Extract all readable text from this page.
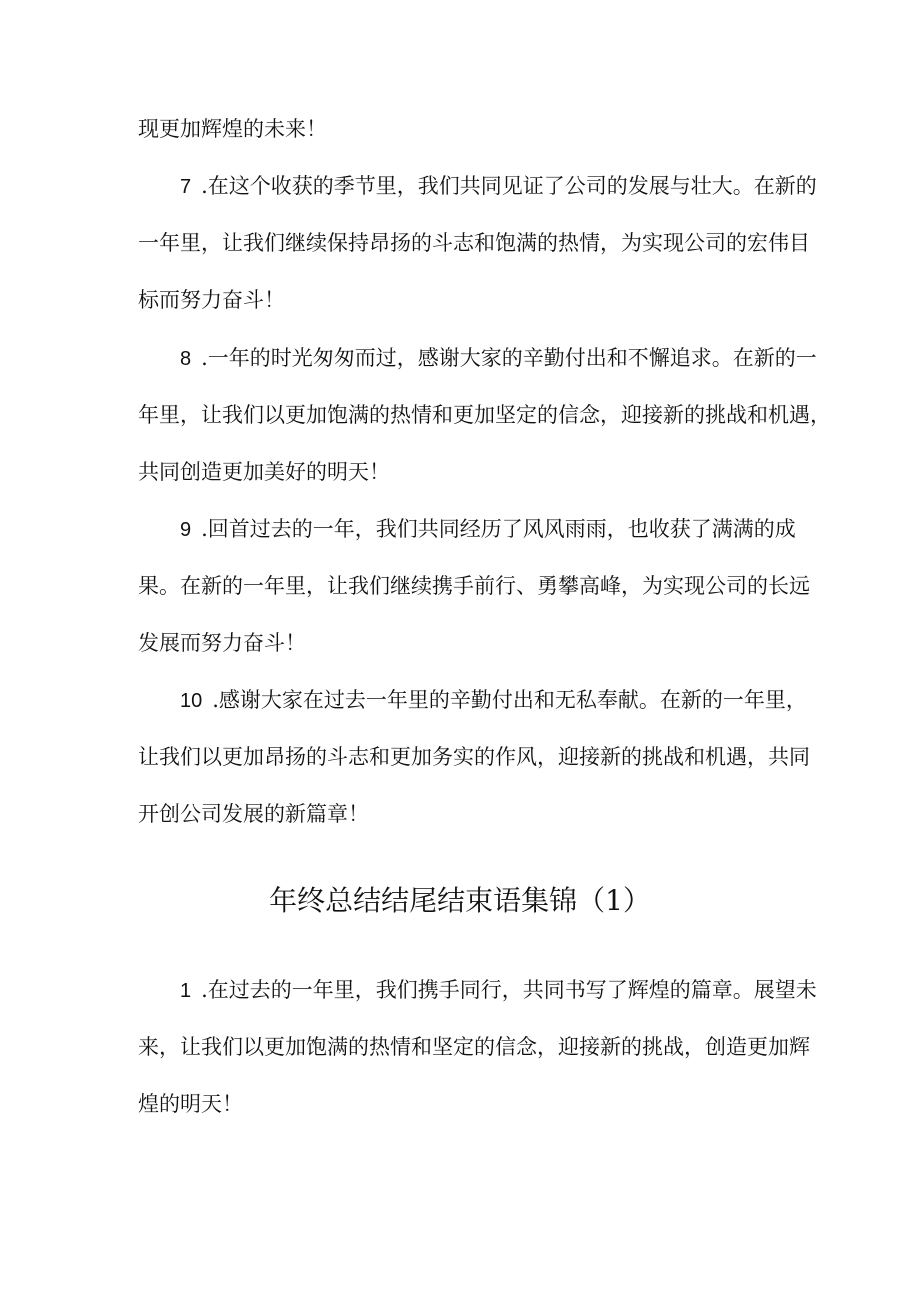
现更加辉煌的未来！
7 .在这个收获的季节里，我们共同见证了公司的发展与壮大。在新的
一年里，让我们继续保持昂扬的斗志和饱满的热情，为实现公司的宏伟目
标而努力奋斗！
8 .一年的时光匆匆而过，感谢大家的辛勤付出和不懈追求。在新的一
年里，让我们以更加饱满的热情和更加坚定的信念，迎接新的挑战和机遇，
共同创造更加美好的明天！
9 .回首过去的一年，我们共同经历了风风雨雨，也收获了满满的成
果。在新的一年里，让我们继续携手前行、勇攀高峰，为实现公司的长远
发展而努力奋斗！
10 .感谢大家在过去一年里的辛勤付出和无私奉献。在新的一年里，
让我们以更加昂扬的斗志和更加务实的作风，迎接新的挑战和机遇，共同
开创公司发展的新篇章！
年终总结结尾结束语集锦（1）
1 .在过去的一年里，我们携手同行，共同书写了辉煌的篇章。展望未
来，让我们以更加饱满的热情和坚定的信念，迎接新的挑战，创造更加辉
煌的明天！
